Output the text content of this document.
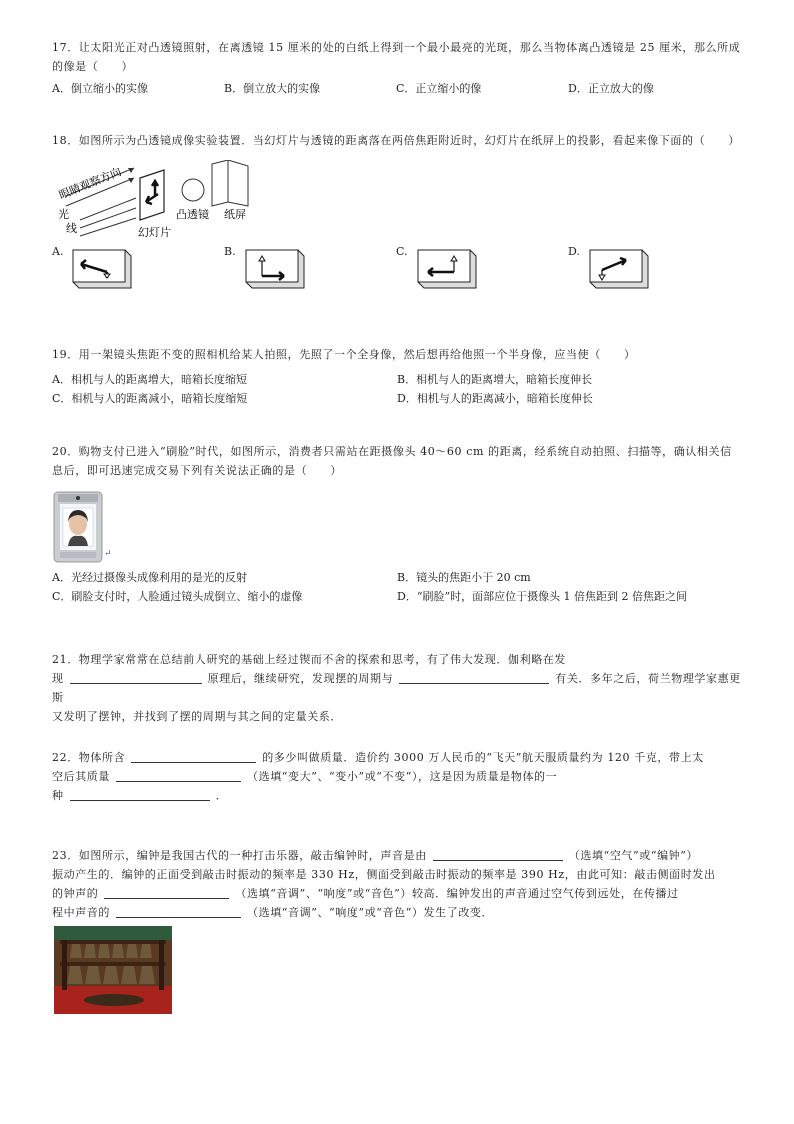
17．让太阳光正对凸透镜照射，在离透镜 15 厘米的处的白纸上得到一个最小最亮的光斑，那么当物体离凸透镜是 25 厘米，那么所成的像是（　　）
A．倒立缩小的实像	B．倒立放大的实像	C．正立缩小的像	D．正立放大的像
18．如图所示为凸透镜成像实验装置．当幻灯片与透镜的距离落在两倍焦距附近时，幻灯片在纸屏上的投影，看起来像下面的（　　）
眼睛观察方向
光
线	幻灯片
凸透镜 纸屏
A.	B.	C.	D.
19．用一架镜头焦距不变的照相机给某人拍照，先照了一个全身像，然后想再给他照一个半身像，应当使（　　）
A．相机与人的距离增大，暗箱长度缩短	B．相机与人的距离增大，暗箱长度伸长
C．相机与人的距离减小，暗箱长度缩短	D．相机与人的距离减小，暗箱长度伸长
20．购物支付已进入“刷脸”时代，如图所示，消费者只需站在距摄像头 40～60 cm 的距离，经系统自动拍照、扫描等，确认相关信息后，即可迅速完成交易下列有关说法正确的是（　　）
↵
A．光经过摄像头成像利用的是光的反射	B．镜头的焦距小于 20 cm
C．刷脸支付时，人脸通过镜头成倒立、缩小的虚像	D．“刷脸”时，面部应位于摄像头 1 倍焦距到 2 倍焦距之间
21．物理学家常常在总结前人研究的基础上经过锲而不舍的探索和思考，有了伟大发现．伽利略在发
现	原理后，继续研究，发现摆的周期与	有关．多年之后，荷兰物理学家惠更斯
又发明了摆钟，并找到了摆的周期与其之间的定量关系．
22．物体所含	的多少叫做质量．造价约 3000 万人民币的“飞天”航天服质量约为 120 千克，带上太
空后其质量	（选填“变大”、“变小”或“不变”），这是因为质量是物体的一
种	．
23．如图所示，编钟是我国古代的一种打击乐器，敲击编钟时，声音是由	（选填“空气”或“编钟”）
振动产生的．编钟的正面受到敲击时振动的频率是 330 Hz，侧面受到敲击时振动的频率是 390 Hz，由此可知：敲击侧面时发出
的钟声的	（选填“音调”、“响度”或“音色”）较高．编钟发出的声音通过空气传到远处，在传播过
程中声音的	（选填“音调”、“响度”或“音色”）发生了改变．
